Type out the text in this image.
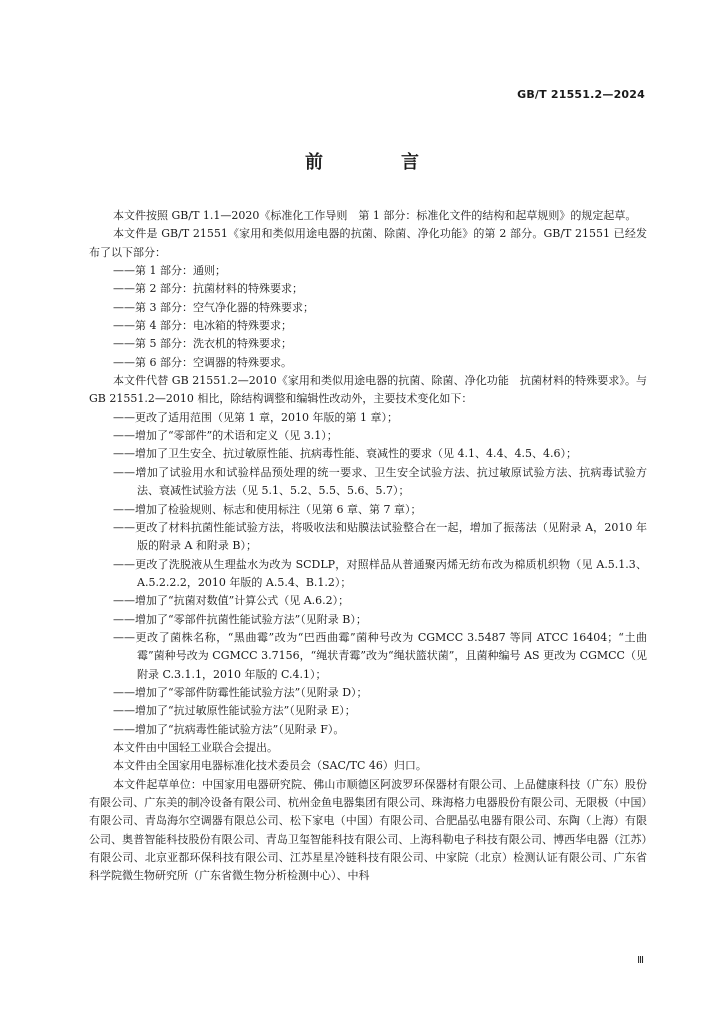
GB/T 21551.2—2024
前　言

本文件按照 GB/T 1.1—2020《标准化工作导则　第 1 部分：标准化文件的结构和起草规则》的规定起草。

本文件是 GB/T 21551《家用和类似用途电器的抗菌、除菌、净化功能》的第 2 部分。GB/T 21551 已经发布了以下部分：

——第 1 部分：通则；

——第 2 部分：抗菌材料的特殊要求；

——第 3 部分：空气净化器的特殊要求；

——第 4 部分：电冰箱的特殊要求；

——第 5 部分：洗衣机的特殊要求；

——第 6 部分：空调器的特殊要求。

本文件代替 GB 21551.2—2010《家用和类似用途电器的抗菌、除菌、净化功能　抗菌材料的特殊要求》。与 GB 21551.2—2010 相比，除结构调整和编辑性改动外，主要技术变化如下：

——更改了适用范围（见第 1 章，2010 年版的第 1 章）；

——增加了“零部件”的术语和定义（见 3.1）；

——增加了卫生安全、抗过敏原性能、抗病毒性能、衰减性的要求（见 4.1、4.4、4.5、4.6）；

——增加了试验用水和试验样品预处理的统一要求、卫生安全试验方法、抗过敏原试验方法、抗病毒试验方法、衰减性试验方法（见 5.1、5.2、5.5、5.6、5.7）；

——增加了检验规则、标志和使用标注（见第 6 章、第 7 章）；

——更改了材料抗菌性能试验方法，将吸收法和贴膜法试验整合在一起，增加了振荡法（见附录 A，2010 年版的附录 A 和附录 B）；

——更改了洗脱液从生理盐水为改为 SCDLP，对照样品从普通聚丙烯无纺布改为棉质机织物（见 A.5.1.3、A.5.2.2.2，2010 年版的 A.5.4、B.1.2）；

——增加了“抗菌对数值”计算公式（见 A.6.2）；

——增加了“零部件抗菌性能试验方法”（见附录 B）；

——更改了菌株名称，“黑曲霉”改为“巴西曲霉”菌种号改为 CGMCC 3.5487 等同 ATCC 16404；“土曲霉”菌种号改为 CGMCC 3.7156，“绳状青霉”改为“绳状篮状菌”，且菌种编号 AS 更改为 CGMCC（见附录 C.3.1.1，2010 年版的 C.4.1）；

——增加了“零部件防霉性能试验方法”（见附录 D）；

——增加了“抗过敏原性能试验方法”（见附录 E）；

——增加了“抗病毒性能试验方法”（见附录 F）。

本文件由中国轻工业联合会提出。

本文件由全国家用电器标准化技术委员会（SAC/TC 46）归口。

本文件起草单位：中国家用电器研究院、佛山市顺德区阿波罗环保器材有限公司、上品健康科技（广东）股份有限公司、广东美的制冷设备有限公司、杭州金鱼电器集团有限公司、珠海格力电器股份有限公司、无限极（中国）有限公司、青岛海尔空调器有限总公司、松下家电（中国）有限公司、合肥晶弘电器有限公司、东陶（上海）有限公司、奥普智能科技股份有限公司、青岛卫玺智能科技有限公司、上海科勒电子科技有限公司、博西华电器（江苏）有限公司、北京亚都环保科技有限公司、江苏星星冷链科技有限公司、中家院（北京）检测认证有限公司、广东省科学院微生物研究所（广东省微生物分析检测中心）、中科

Ⅲ
